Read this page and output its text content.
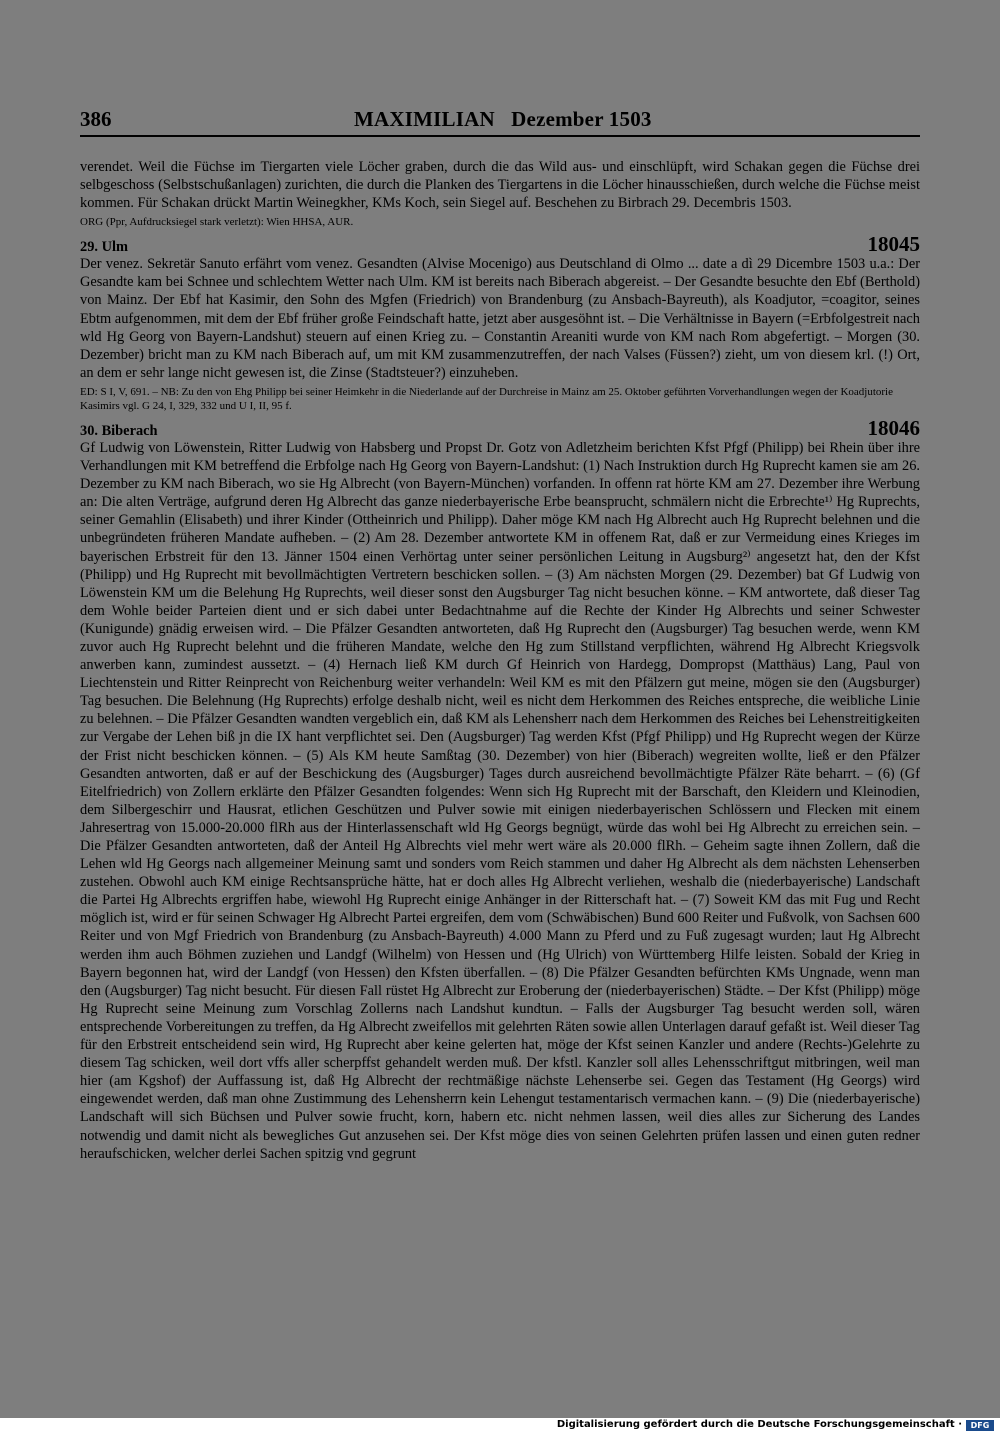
386	MAXIMILIAN   Dezember 1503

verendet. Weil die Füchse im Tiergarten viele Löcher graben, durch die das Wild aus- und einschlüpft, wird Schakan gegen die Füchse drei selbgeschoss (Selbstschußanlagen) zurichten, die durch die Planken des Tiergartens in die Löcher hinausschießen, durch welche die Füchse meist kommen. Für Schakan drückt Martin Weinegkher, KMs Koch, sein Siegel auf. Beschehen zu Birbrach 29. Decembris 1503.

ORG (Ppr, Aufdrucksiegel stark verletzt): Wien HHSA, AUR.

29. Ulm	18045

Der venez. Sekretär Sanuto erfährt vom venez. Gesandten (Alvise Mocenigo) aus Deutschland di Olmo ... date a dì 29 Dicembre 1503 u.a.: Der Gesandte kam bei Schnee und schlechtem Wetter nach Ulm. KM ist bereits nach Biberach abgereist. – Der Gesandte besuchte den Ebf (Berthold) von Mainz. Der Ebf hat Kasimir, den Sohn des Mgfen (Friedrich) von Brandenburg (zu Ansbach-Bayreuth), als Koadjutor, =coagitor, seines Ebtm aufgenommen, mit dem der Ebf früher große Feindschaft hatte, jetzt aber ausgesöhnt ist. – Die Verhältnisse in Bayern (=Erbfolgestreit nach wld Hg Georg von Bayern-Landshut) steuern auf einen Krieg zu. – Constantin Areaniti wurde von KM nach Rom abgefertigt. – Morgen (30. Dezember) bricht man zu KM nach Biberach auf, um mit KM zusammenzutreffen, der nach Valses (Füssen?) zieht, um von diesem krl. (!) Ort, an dem er sehr lange nicht gewesen ist, die Zinse (Stadtsteuer?) einzuheben.

ED: S I, V, 691. – NB: Zu den von Ehg Philipp bei seiner Heimkehr in die Niederlande auf der Durchreise in Mainz am 25. Oktober geführten Vorverhandlungen wegen der Koadjutorie Kasimirs vgl. G 24, I, 329, 332 und U I, II, 95 f.

30. Biberach	18046

Gf Ludwig von Löwenstein, Ritter Ludwig von Habsberg und Propst Dr. Gotz von Adletzheim berichten Kfst Pfgf (Philipp) bei Rhein über ihre Verhandlungen mit KM betreffend die Erbfolge nach Hg Georg von Bayern-Landshut: (1) Nach Instruktion durch Hg Ruprecht kamen sie am 26. Dezember zu KM nach Biberach, wo sie Hg Albrecht (von Bayern-München) vorfanden. In offenn rat hörte KM am 27. Dezember ihre Werbung an: Die alten Verträge, aufgrund deren Hg Albrecht das ganze niederbayerische Erbe beansprucht, schmälern nicht die Erbrechte¹⁾ Hg Ruprechts, seiner Gemahlin (Elisabeth) und ihrer Kinder (Ottheinrich und Philipp). Daher möge KM nach Hg Albrecht auch Hg Ruprecht belehnen und die unbegründeten früheren Mandate aufheben. – (2) Am 28. Dezember antwortete KM in offenem Rat, daß er zur Vermeidung eines Krieges im bayerischen Erbstreit für den 13. Jänner 1504 einen Verhörtag unter seiner persönlichen Leitung in Augsburg²⁾ angesetzt hat, den der Kfst (Philipp) und Hg Ruprecht mit bevollmächtigten Vertretern beschicken sollen. – (3) Am nächsten Morgen (29. Dezember) bat Gf Ludwig von Löwenstein KM um die Belehung Hg Ruprechts, weil dieser sonst den Augsburger Tag nicht besuchen könne. – KM antwortete, daß dieser Tag dem Wohle beider Parteien dient und er sich dabei unter Bedachtnahme auf die Rechte der Kinder Hg Albrechts und seiner Schwester (Kunigunde) gnädig erweisen wird. – Die Pfälzer Gesandten antworteten, daß Hg Ruprecht den (Augsburger) Tag besuchen werde, wenn KM zuvor auch Hg Ruprecht belehnt und die früheren Mandate, welche den Hg zum Stillstand verpflichten, während Hg Albrecht Kriegsvolk anwerben kann, zumindest aussetzt. – (4) Hernach ließ KM durch Gf Heinrich von Hardegg, Dompropst (Matthäus) Lang, Paul von Liechtenstein und Ritter Reinprecht von Reichenburg weiter verhandeln: Weil KM es mit den Pfälzern gut meine, mögen sie den (Augsburger) Tag besuchen. Die Belehnung (Hg Ruprechts) erfolge deshalb nicht, weil es nicht dem Herkommen des Reiches entspreche, die weibliche Linie zu belehnen. – Die Pfälzer Gesandten wandten vergeblich ein, daß KM als Lehensherr nach dem Herkommen des Reiches bei Lehenstreitigkeiten zur Vergabe der Lehen biß jn die IX hant verpflichtet sei. Den (Augsburger) Tag werden Kfst (Pfgf Philipp) und Hg Ruprecht wegen der Kürze der Frist nicht beschicken können. – (5) Als KM heute Samßtag (30. Dezember) von hier (Biberach) wegreiten wollte, ließ er den Pfälzer Gesandten antworten, daß er auf der Beschickung des (Augsburger) Tages durch ausreichend bevollmächtigte Pfälzer Räte beharrt. – (6) (Gf Eitelfriedrich) von Zollern erklärte den Pfälzer Gesandten folgendes: Wenn sich Hg Ruprecht mit der Barschaft, den Kleidern und Kleinodien, dem Silbergeschirr und Hausrat, etlichen Geschützen und Pulver sowie mit einigen niederbayerischen Schlössern und Flecken mit einem Jahresertrag von 15.000-20.000 flRh aus der Hinterlassenschaft wld Hg Georgs begnügt, würde das wohl bei Hg Albrecht zu erreichen sein. – Die Pfälzer Gesandten antworteten, daß der Anteil Hg Albrechts viel mehr wert wäre als 20.000 flRh. – Geheim sagte ihnen Zollern, daß die Lehen wld Hg Georgs nach allgemeiner Meinung samt und sonders vom Reich stammen und daher Hg Albrecht als dem nächsten Lehenserben zustehen. Obwohl auch KM einige Rechtsansprüche hätte, hat er doch alles Hg Albrecht verliehen, weshalb die (niederbayerische) Landschaft die Partei Hg Albrechts ergriffen habe, wiewohl Hg Ruprecht einige Anhänger in der Ritterschaft hat. – (7) Soweit KM das mit Fug und Recht möglich ist, wird er für seinen Schwager Hg Albrecht Partei ergreifen, dem vom (Schwäbischen) Bund 600 Reiter und Fußvolk, von Sachsen 600 Reiter und von Mgf Friedrich von Brandenburg (zu Ansbach-Bayreuth) 4.000 Mann zu Pferd und zu Fuß zugesagt wurden; laut Hg Albrecht werden ihm auch Böhmen zuziehen und Landgf (Wilhelm) von Hessen und (Hg Ulrich) von Württemberg Hilfe leisten. Sobald der Krieg in Bayern begonnen hat, wird der Landgf (von Hessen) den Kfsten überfallen. – (8) Die Pfälzer Gesandten befürchten KMs Ungnade, wenn man den (Augsburger) Tag nicht besucht. Für diesen Fall rüstet Hg Albrecht zur Eroberung der (niederbayerischen) Städte. – Der Kfst (Philipp) möge Hg Ruprecht seine Meinung zum Vorschlag Zollerns nach Landshut kundtun. – Falls der Augsburger Tag besucht werden soll, wären entsprechende Vorbereitungen zu treffen, da Hg Albrecht zweifellos mit gelehrten Räten sowie allen Unterlagen darauf gefaßt ist. Weil dieser Tag für den Erbstreit entscheidend sein wird, Hg Ruprecht aber keine gelerten hat, möge der Kfst seinen Kanzler und andere (Rechts-)Gelehrte zu diesem Tag schicken, weil dort vffs aller scherpffst gehandelt werden muß. Der kfstl. Kanzler soll alles Lehensschriftgut mitbringen, weil man hier (am Kgshof) der Auffassung ist, daß Hg Albrecht der rechtmäßige nächste Lehenserbe sei. Gegen das Testament (Hg Georgs) wird eingewendet werden, daß man ohne Zustimmung des Lehensherrn kein Lehengut testamentarisch vermachen kann. – (9) Die (niederbayerische) Landschaft will sich Büchsen und Pulver sowie frucht, korn, habern etc. nicht nehmen lassen, weil dies alles zur Sicherung des Landes notwendig und damit nicht als bewegliches Gut anzusehen sei. Der Kfst möge dies von seinen Gelehrten prüfen lassen und einen guten redner heraufschicken, welcher derlei Sachen spitzig vnd gegrunt

Digitalisierung gefördert durch die Deutsche Forschungsgemeinschaft ·	DFG
